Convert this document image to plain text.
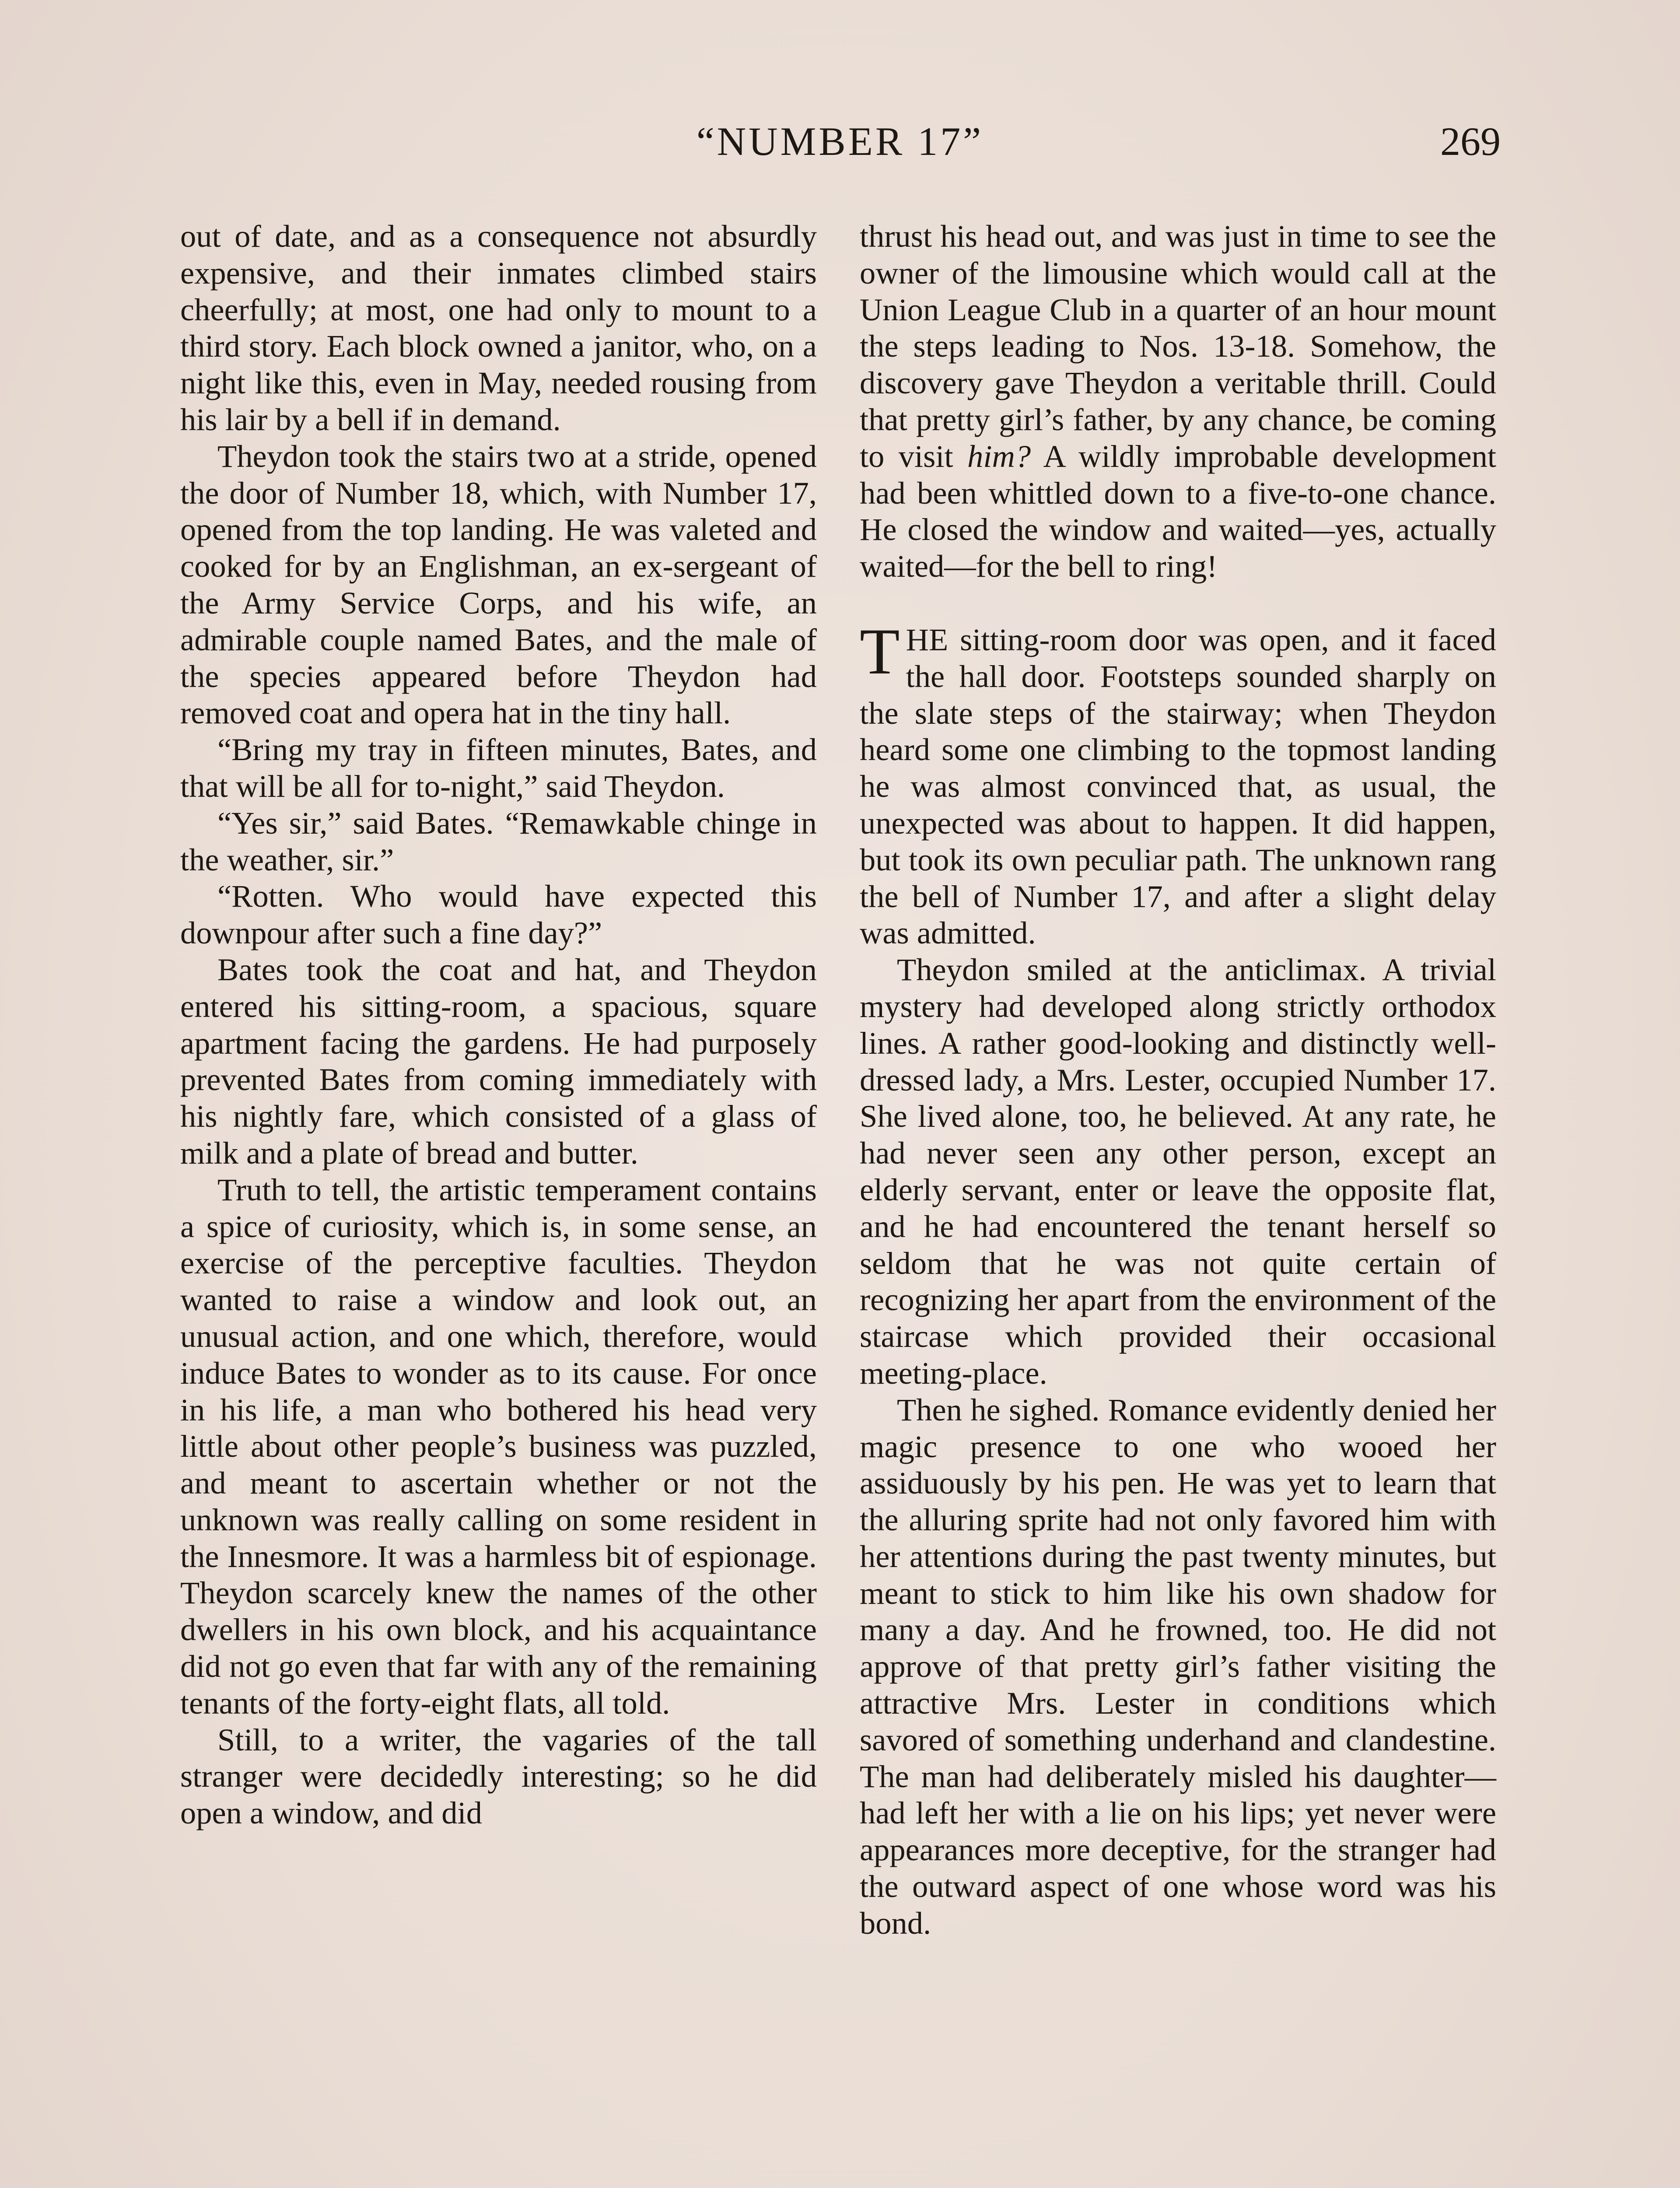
“NUMBER 17”	269

out of date, and as a consequence not absurdly expensive, and their inmates climbed stairs cheerfully; at most, one had only to mount to a third story. Each block owned a janitor, who, on a night like this, even in May, needed rousing from his lair by a bell if in demand.

Theydon took the stairs two at a stride, opened the door of Number 18, which, with Number 17, opened from the top landing. He was valeted and cooked for by an Englishman, an ex-sergeant of the Army Service Corps, and his wife, an admirable couple named Bates, and the male of the species appeared before Theydon had removed coat and opera hat in the tiny hall.

“Bring my tray in fifteen minutes, Bates, and that will be all for to-night,” said Theydon.

“Yes sir,” said Bates. “Remawkable chinge in the weather, sir.”

“Rotten. Who would have expected this downpour after such a fine day?”

Bates took the coat and hat, and Theydon entered his sitting-room, a spacious, square apartment facing the gardens. He had purposely prevented Bates from coming immediately with his nightly fare, which consisted of a glass of milk and a plate of bread and butter.

Truth to tell, the artistic temperament contains a spice of curiosity, which is, in some sense, an exercise of the perceptive faculties. Theydon wanted to raise a window and look out, an unusual action, and one which, therefore, would induce Bates to wonder as to its cause. For once in his life, a man who bothered his head very little about other people’s business was puzzled, and meant to ascertain whether or not the unknown was really calling on some resident in the Innesmore. It was a harmless bit of espionage. Theydon scarcely knew the names of the other dwellers in his own block, and his acquaintance did not go even that far with any of the remaining tenants of the forty-eight flats, all told.

Still, to a writer, the vagaries of the tall stranger were decidedly interesting; so he did open a window, and did

thrust his head out, and was just in time to see the owner of the limousine which would call at the Union League Club in a quarter of an hour mount the steps leading to Nos. 13-18. Somehow, the discovery gave Theydon a veritable thrill. Could that pretty girl’s father, by any chance, be coming to visit him? A wildly improbable development had been whittled down to a five-to-one chance. He closed the window and waited—yes, actually waited—for the bell to ring!

THE sitting-room door was open, and it faced the hall door. Footsteps sounded sharply on the slate steps of the stairway; when Theydon heard some one climbing to the topmost landing he was almost convinced that, as usual, the unexpected was about to happen. It did happen, but took its own peculiar path. The unknown rang the bell of Number 17, and after a slight delay was admitted.

Theydon smiled at the anticlimax. A trivial mystery had developed along strictly orthodox lines. A rather good-looking and distinctly well-dressed lady, a Mrs. Lester, occupied Number 17. She lived alone, too, he believed. At any rate, he had never seen any other person, except an elderly servant, enter or leave the opposite flat, and he had encountered the tenant herself so seldom that he was not quite certain of recognizing her apart from the environment of the staircase which provided their occasional meeting-place.

Then he sighed. Romance evidently denied her magic presence to one who wooed her assiduously by his pen. He was yet to learn that the alluring sprite had not only favored him with her attentions during the past twenty minutes, but meant to stick to him like his own shadow for many a day. And he frowned, too. He did not approve of that pretty girl’s father visiting the attractive Mrs. Lester in conditions which savored of something underhand and clandestine. The man had deliberately misled his daughter—had left her with a lie on his lips; yet never were appearances more deceptive, for the stranger had the outward aspect of one whose word was his bond.
